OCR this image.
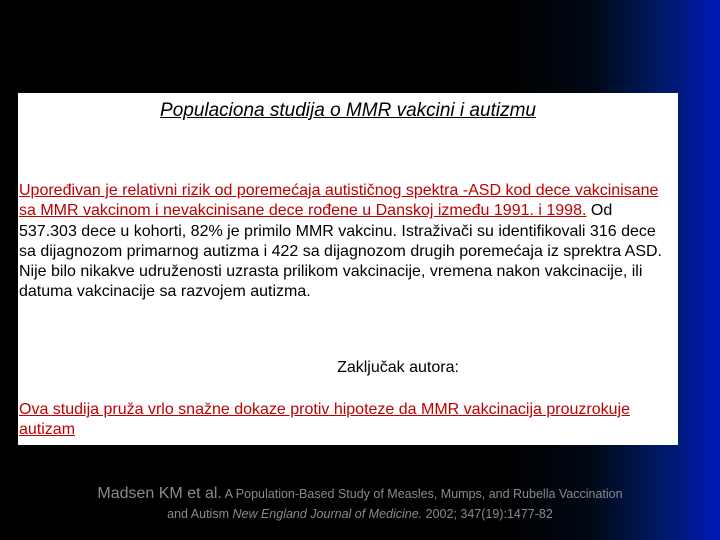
Populaciona studija o MMR vakcini i autizmu
Upoređivan je relativni rizik od poremećaja autističnog spektra -ASD kod dece vakcinisane sa MMR vakcinom i nevakcinisane dece rođene u Danskoj između 1991. i 1998. Od 537.303 dece u kohorti, 82% je primilo MMR vakcinu. Istraživači su identifikovali 316 dece sa dijagnozom primarnog autizma i 422 sa dijagnozom drugih poremećaja iz sprektra ASD. Nije bilo nikakve udruženosti uzrasta prilikom vakcinacije, vremena nakon vakcinacije, ili datuma vakcinacije sa razvojem autizma.
Zaključak autora:
Ova studija pruža vrlo snažne dokaze protiv hipoteze da MMR vakcinacija prouzrokuje autizam
Madsen KM et al. A Population-Based Study of Measles, Mumps, and Rubella Vaccination and Autism New England Journal of Medicine. 2002; 347(19):1477-82
